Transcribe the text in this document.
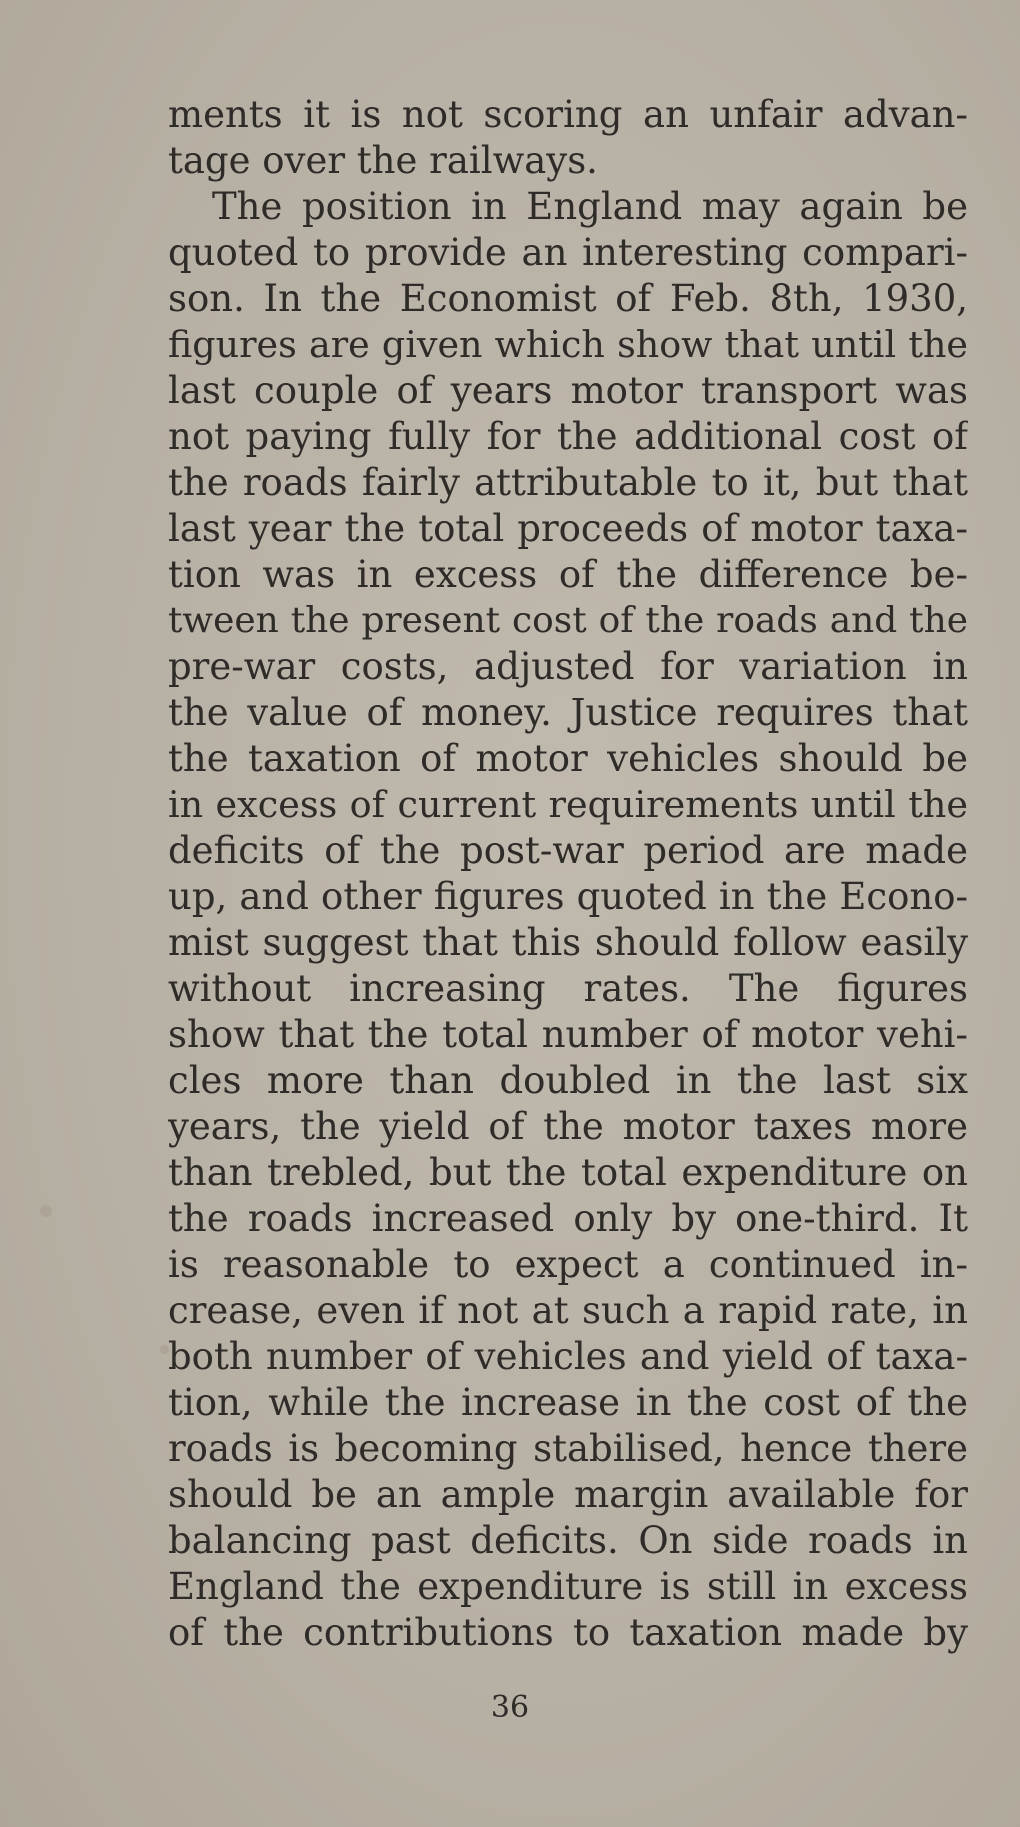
ments it is not scoring an unfair advan-
tage over the railways.
The position in England may again be
quoted to provide an interesting compari-
son. In the Economist of Feb. 8th, 1930,
figures are given which show that until the
last couple of years motor transport was
not paying fully for the additional cost of
the roads fairly attributable to it, but that
last year the total proceeds of motor taxa-
tion was in excess of the difference be-
tween the present cost of the roads and the
pre-war costs, adjusted for variation in
the value of money. Justice requires that
the taxation of motor vehicles should be
in excess of current requirements until the
deficits of the post-war period are made
up, and other figures quoted in the Econo-
mist suggest that this should follow easily
without increasing rates. The figures
show that the total number of motor vehi-
cles more than doubled in the last six
years, the yield of the motor taxes more
than trebled, but the total expenditure on
the roads increased only by one-third. It
is reasonable to expect a continued in-
crease, even if not at such a rapid rate, in
both number of vehicles and yield of taxa-
tion, while the increase in the cost of the
roads is becoming stabilised, hence there
should be an ample margin available for
balancing past deficits. On side roads in
England the expenditure is still in excess
of the contributions to taxation made by
36
